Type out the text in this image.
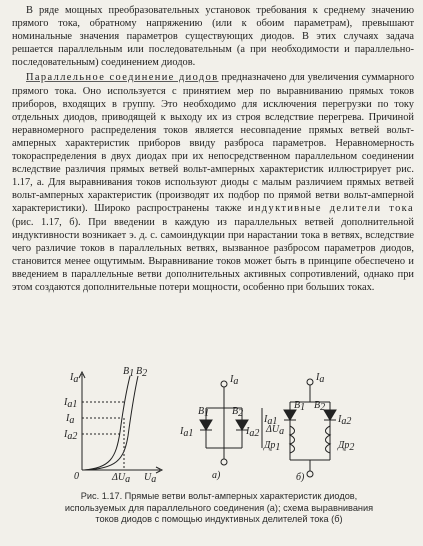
В ряде мощных преобразовательных установок требования к среднему значению прямого тока, обратному напряжению (или к обоим параметрам), превышают номинальные значения параметров существующих диодов. В этих случаях задача решается параллельным или последовательным (а при необходимости и параллельно-последовательным) соединением диодов.

Параллельное соединение диодов предназначено для увеличения суммарного прямого тока. Оно используется с принятием мер по выравниванию прямых токов приборов, входящих в группу. Это необходимо для исключения перегрузки по току отдельных диодов, приводящей к выходу их из строя вследствие перегрева. Причиной неравномерного распределения токов является несовпадение прямых ветвей вольт-амперных характеристик приборов ввиду разброса параметров. Неравномерность токораспределения в двух диодах при их непосредственном параллельном соединении вследствие различия прямых ветвей вольт-амперных характеристик иллюстрирует рис. 1.17, а. Для выравнивания токов используют диоды с малым различием прямых ветвей вольт-амперных характеристик (производят их подбор по прямой ветви вольт-амперной характеристики). Широко распространены также индуктивные делители тока (рис. 1.17, б). При введении в каждую из параллельных ветвей дополнительной индуктивности возникает э. д. с. самоиндукции при нарастании тока в ветвях, вследствие чего различие токов в параллельных ветвях, вызванное разбросом параметров диодов, становится менее ощутимым. Выравнивание токов может быть в принципе обеспечено и введением в параллельные ветви дополнительных активных сопротивлений, однако при этом создаются дополнительные потери мощности, особенно при больших токах.

Ia
Ia1
Ia
Ia2
B1 B2
0	ΔUa Ua
Ia
B1 B2
Ia1	Ia2 ΔUa
а)
Ia
B1 B2
Ia1	Ia2
Др1	Др2
б)
Рис. 1.17. Прямые ветви вольт-амперных характеристик диодов, используемых для параллельного соединения (а); схема выравнивания токов диодов с помощью индуктивных делителей тока (б)
